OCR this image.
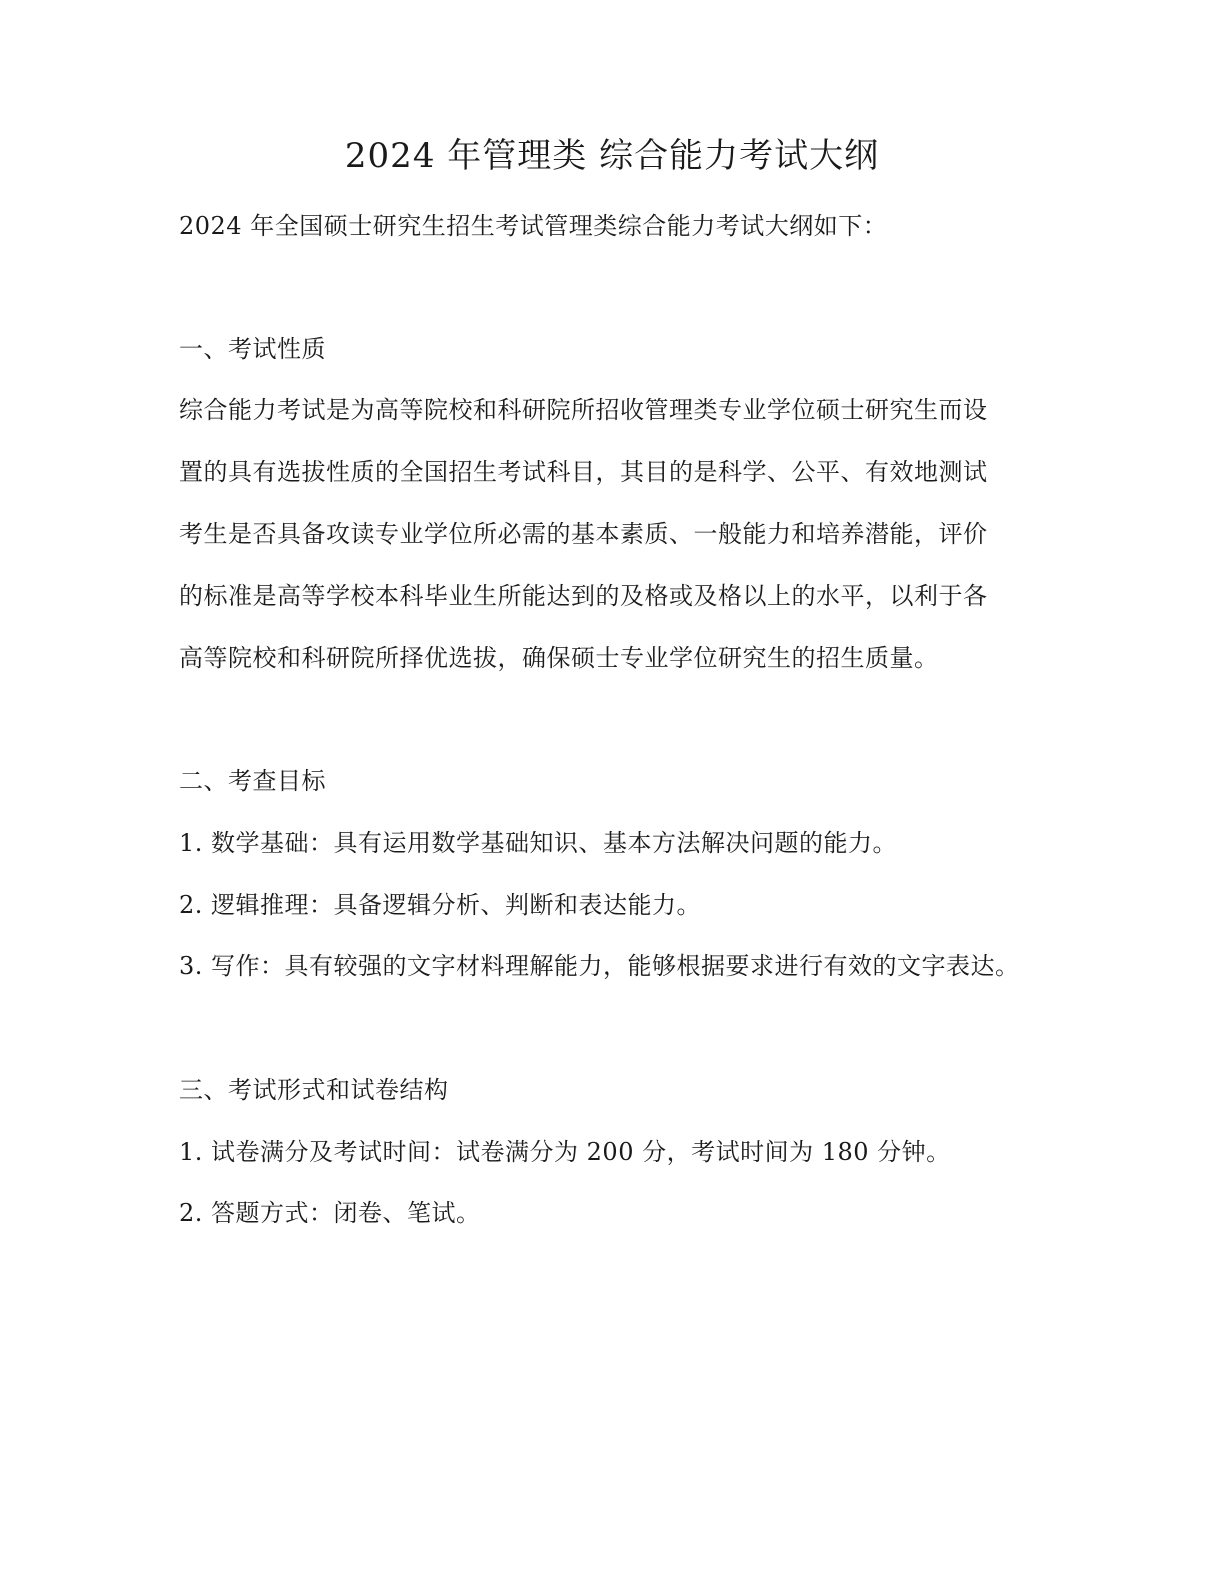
2024 年管理类 综合能力考试大纲
2024 年全国硕士研究生招生考试管理类综合能力考试大纲如下：
一、考试性质
综合能力考试是为高等院校和科研院所招收管理类专业学位硕士研究生而设
置的具有选拔性质的全国招生考试科目，其目的是科学、公平、有效地测试
考生是否具备攻读专业学位所必需的基本素质、一般能力和培养潜能，评价
的标准是高等学校本科毕业生所能达到的及格或及格以上的水平，以利于各
高等院校和科研院所择优选拔，确保硕士专业学位研究生的招生质量。
二、考查目标
1. 数学基础：具有运用数学基础知识、基本方法解决问题的能力。
2. 逻辑推理：具备逻辑分析、判断和表达能力。
3. 写作：具有较强的文字材料理解能力，能够根据要求进行有效的文字表达。
三、考试形式和试卷结构
1. 试卷满分及考试时间：试卷满分为 200 分，考试时间为 180 分钟。
2. 答题方式：闭卷、笔试。
